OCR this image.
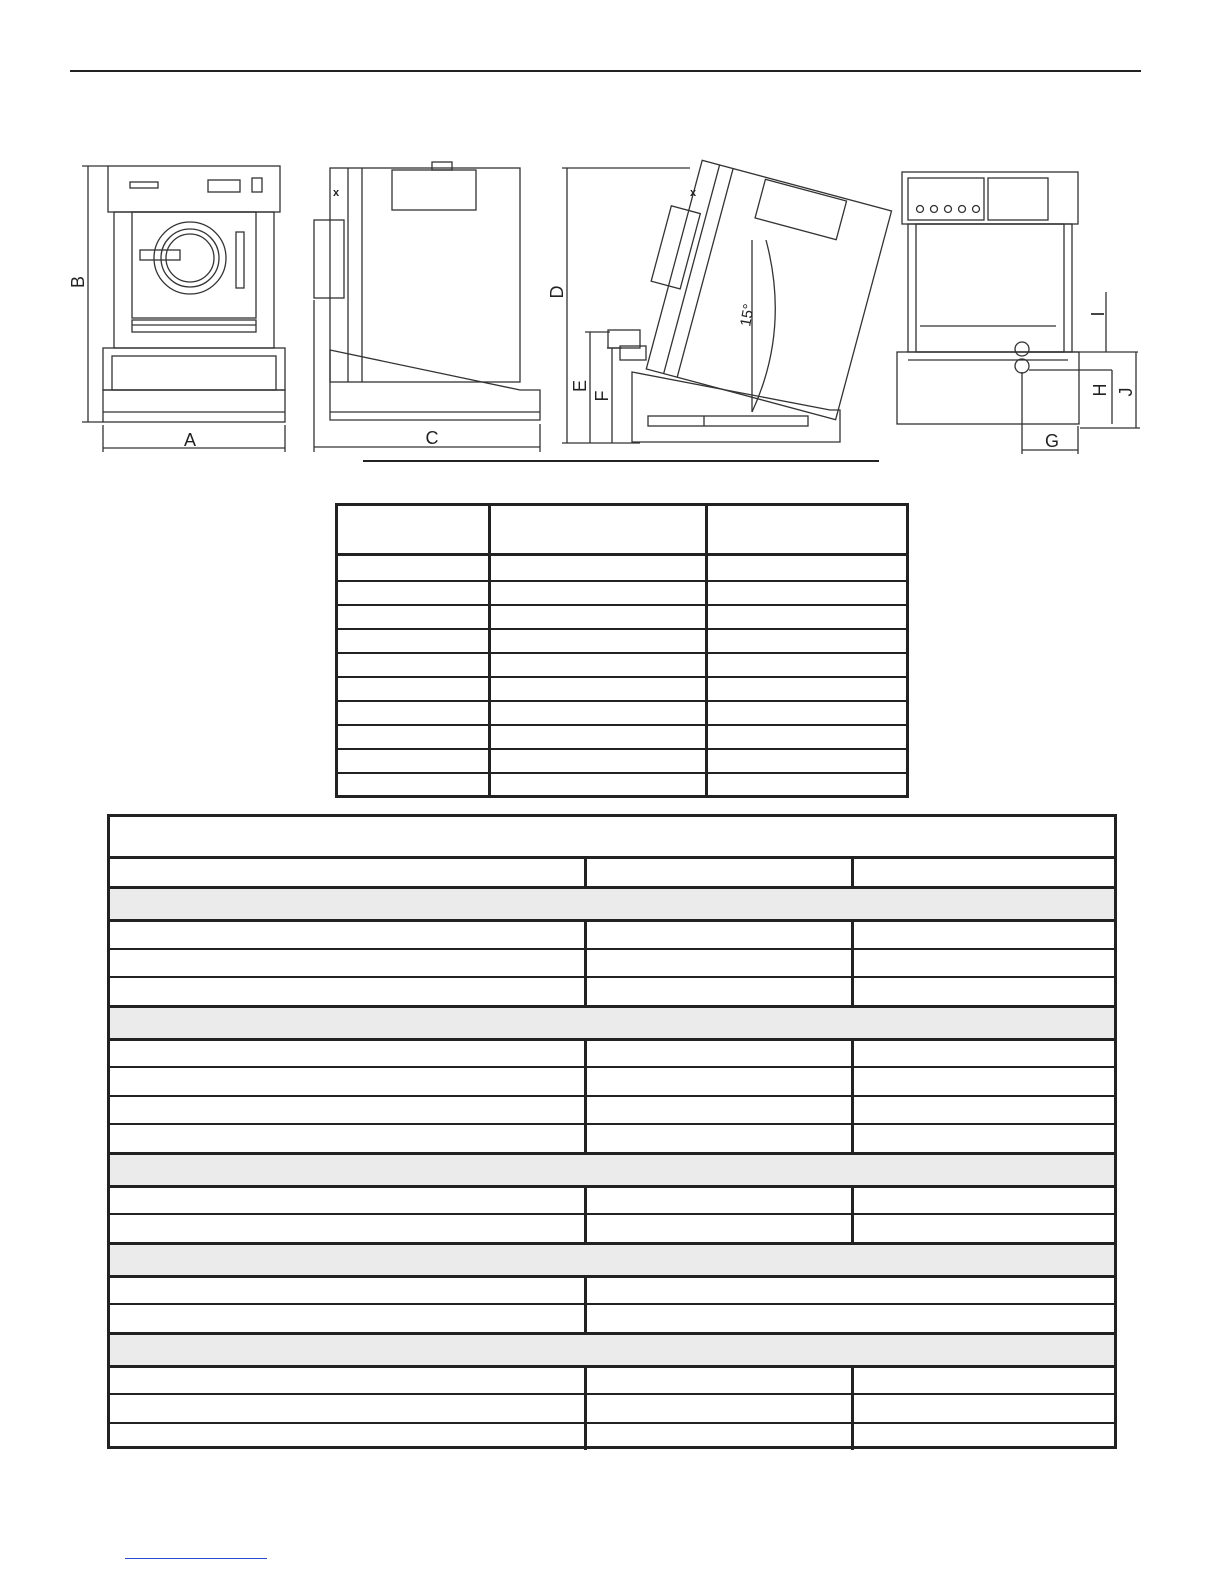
A
B
C
D
E
F
G
H
I
J
15°
x	x
